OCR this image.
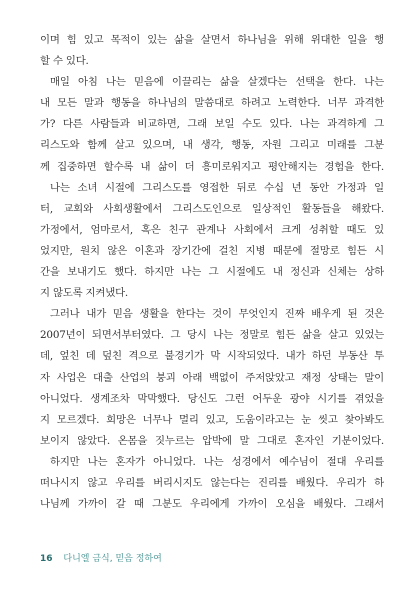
이며 힘 있고 목적이 있는 삶을 살면서 하나님을 위해 위대한 일을 행
할 수 있다.
매일 아침 나는 믿음에 이끌리는 삶을 살겠다는 선택을 한다. 나는
내 모든 말과 행동을 하나님의 말씀대로 하려고 노력한다. 너무 과격한
가? 다른 사람들과 비교하면, 그래 보일 수도 있다. 나는 과격하게 그
리스도와 함께 살고 있으며, 내 생각, 행동, 자원 그리고 미래를 그분
께 집중하면 할수록 내 삶이 더 흥미로워지고 평안해지는 경험을 한다.
나는 소녀 시절에 그리스도를 영접한 뒤로 수십 년 동안 가정과 일
터, 교회와 사회생활에서 그리스도인으로 일상적인 활동들을 해왔다.
가정에서, 엄마로서, 혹은 친구 관계나 사회에서 크게 성취할 때도 있
었지만, 원치 않은 이혼과 장기간에 걸친 지병 때문에 절망로 힘든 시
간을 보내기도 했다. 하지만 나는 그 시절에도 내 정신과 신체는 상하
지 않도록 지켜냈다.
그러나 내가 믿음 생활을 한다는 것이 무엇인지 진짜 배우게 된 것은
2007년이 되면서부터였다. 그 당시 나는 정말로 힘든 삶을 살고 있었는
데, 엎친 데 덮친 격으로 불경기가 막 시작되었다. 내가 하던 부동산 투
자 사업은 대출 산업의 붕괴 아래 백없이 주저앉았고 재정 상태는 말이
아니었다. 생계조차 막막했다. 당신도 그런 어두운 광야 시기를 겪었을
지 모르겠다. 희망은 너무나 멀리 있고, 도움이라고는 눈 씻고 찾아봐도
보이지 않았다. 온몸을 짓누르는 압박에 말 그대로 혼자인 기분이었다.
하지만 나는 혼자가 아니었다. 나는 성경에서 예수님이 절대 우리를
떠나시지 않고 우리를 버리시지도 않는다는 진리를 배웠다. 우리가 하
나님께 가까이 갈 때 그분도 우리에게 가까이 오심을 배웠다. 그래서
16 다니엘 금식, 믿음 정하여
